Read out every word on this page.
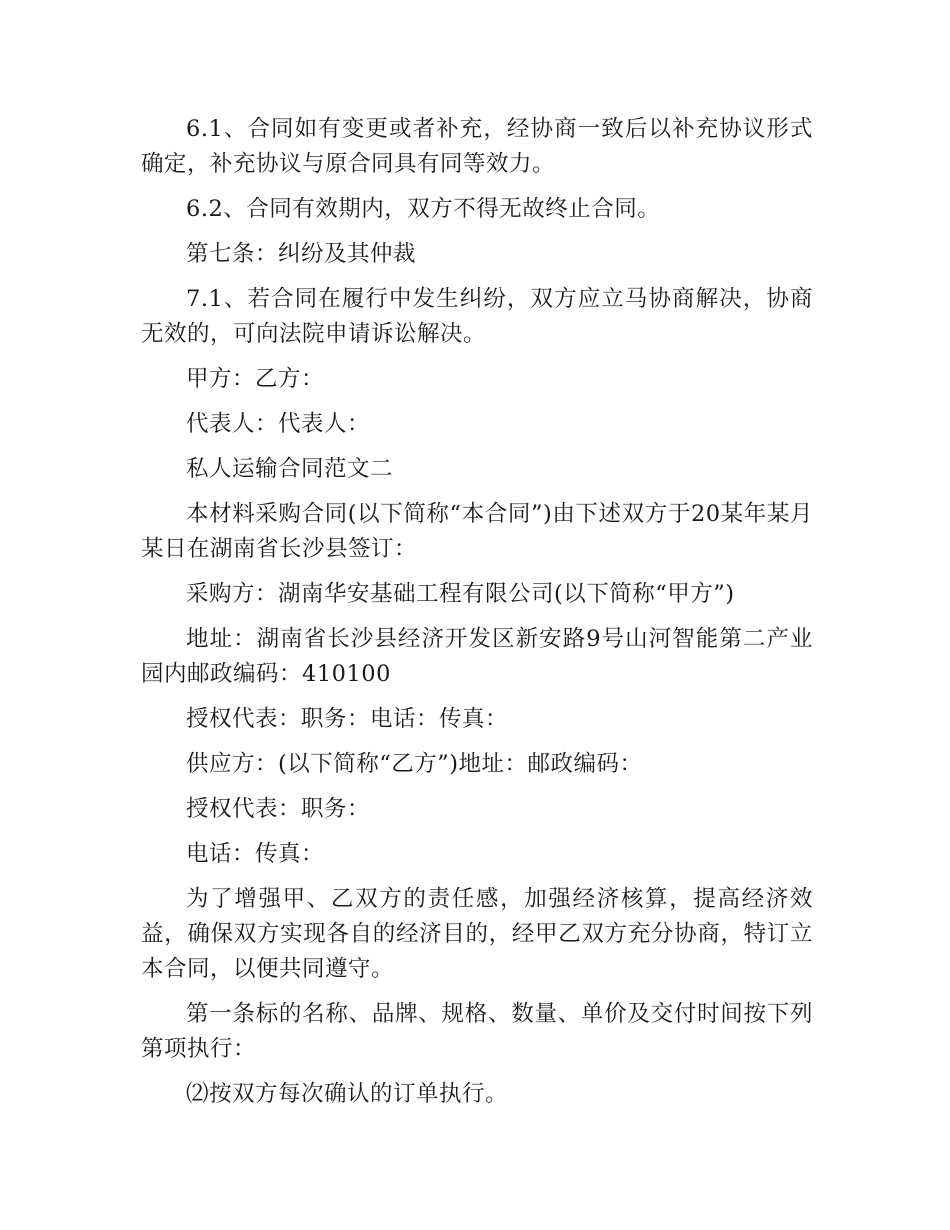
6.1、合同如有变更或者补充，经协商一致后以补充协议形式确定，补充协议与原合同具有同等效力。

6.2、合同有效期内，双方不得无故终止合同。

第七条：纠纷及其仲裁

7.1、若合同在履行中发生纠纷，双方应立马协商解决，协商无效的，可向法院申请诉讼解决。

甲方：乙方：

代表人：代表人：

私人运输合同范文二

本材料采购合同(以下简称“本合同”)由下述双方于20某年某月某日在湖南省长沙县签订：

采购方：湖南华安基础工程有限公司(以下简称“甲方”)

地址：湖南省长沙县经济开发区新安路9号山河智能第二产业园内邮政编码：410100

授权代表：职务：电话：传真：

供应方：(以下简称“乙方”)地址：邮政编码：

授权代表：职务：

电话：传真：

为了增强甲、乙双方的责任感，加强经济核算，提高经济效益，确保双方实现各自的经济目的，经甲乙双方充分协商，特订立本合同，以便共同遵守。

第一条标的名称、品牌、规格、数量、单价及交付时间按下列第项执行：

⑵按双方每次确认的订单执行。
